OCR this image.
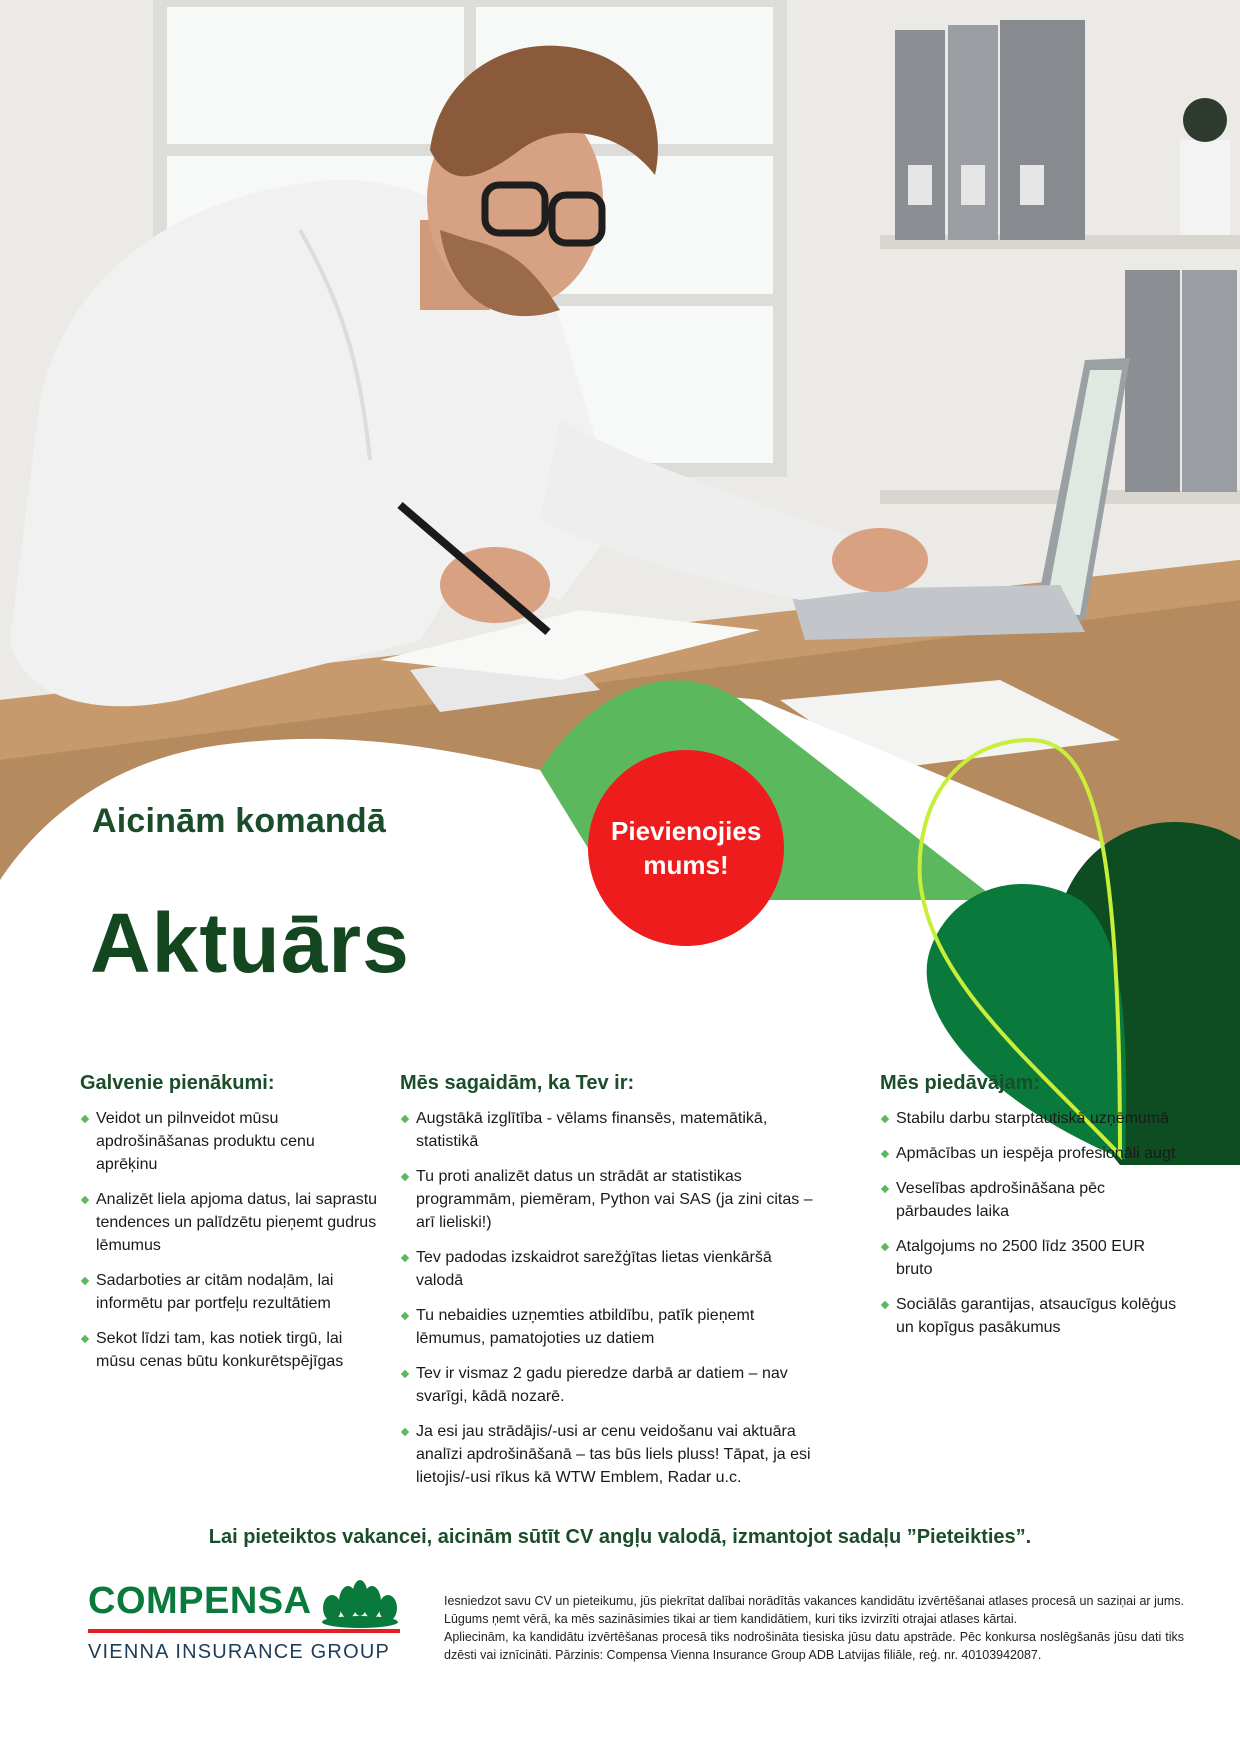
Pievienojies
mums!
Aicinām komandā
Aktuārs
Galvenie pienākumi:
Veidot un pilnveidot mūsu apdrošināšanas produktu cenu aprēķinu
Analizēt liela apjoma datus, lai saprastu tendences un palīdzētu pieņemt gudrus lēmumus
Sadarboties ar citām nodaļām, lai informētu par portfeļu rezultātiem
Sekot līdzi tam, kas notiek tirgū, lai mūsu cenas būtu konkurētspējīgas
Mēs sagaidām, ka Tev ir:
Augstākā izglītība - vēlams finansēs, matemātikā, statistikā
Tu proti analizēt datus un strādāt ar statistikas programmām, piemēram, Python vai SAS (ja zini citas – arī lieliski!)
Tev padodas izskaidrot sarežģītas lietas vienkāršā valodā
Tu nebaidies uzņemties atbildību, patīk pieņemt lēmumus, pamatojoties uz datiem
Tev ir vismaz 2 gadu pieredze darbā ar datiem – nav svarīgi, kādā nozarē.
Ja esi jau strādājis/-usi ar cenu veidošanu vai aktuāra analīzi apdrošināšanā – tas būs liels pluss! Tāpat, ja esi lietojis/-usi rīkus kā WTW Emblem, Radar u.c.
Mēs piedāvājam:
Stabilu darbu starptautiskā uzņēmumā
Apmācības un iespēja profesionāli augt
Veselības apdrošināšana pēc pārbaudes laika
Atalgojums no 2500 līdz 3500 EUR bruto
Sociālās garantijas, atsaucīgus kolēģus un kopīgus pasākumus
Lai pieteiktos vakancei, aicinām sūtīt CV angļu valodā, izmantojot sadaļu ”Pieteikties”.
COMPENSA
VIENNA INSURANCE GROUP

Iesniedzot savu CV un pieteikumu, jūs piekrītat dalībai norādītās vakances kandidātu izvērtēšanai atlases procesā un saziņai ar jums. Lūgums ņemt vērā, ka mēs sazināsimies tikai ar tiem kandidātiem, kuri tiks izvirzīti otrajai atlases kārtai.

Apliecinām, ka kandidātu izvērtēšanas procesā tiks nodrošināta tiesiska jūsu datu apstrāde. Pēc konkursa noslēgšanās jūsu dati tiks dzēsti vai iznīcināti. Pārzinis: Compensa Vienna Insurance Group ADB Latvijas filiāle, reģ. nr. 40103942087.
